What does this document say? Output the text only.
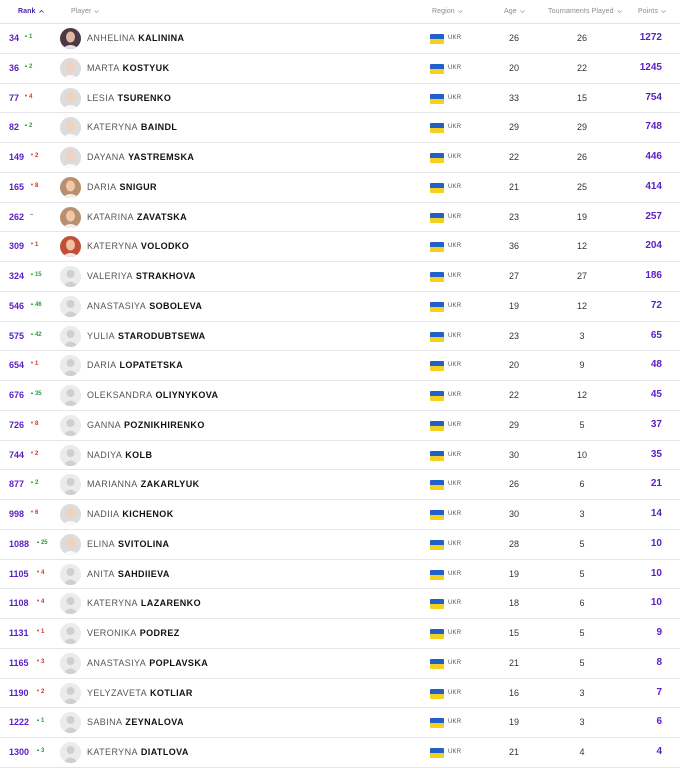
Rank	Player	Region	Age	Tournaments Played	Points
34 ▲1	ANHELINA KALININA	UKR	26	26	1272
36 ▲2	MARTA KOSTYUK	UKR	20	22	1245
77 ▼4	LESIA TSURENKO	UKR	33	15	754
82 ▲2	KATERYNA BAINDL	UKR	29	29	748
149 ▼2	DAYANA YASTREMSKA	UKR	22	26	446
165 ▼8	DARIA SNIGUR	UKR	21	25	414
262 –	KATARINA ZAVATSKA	UKR	23	19	257
309 ▼1	KATERYNA VOLODKO	UKR	36	12	204
324 ▲15	VALERIYA STRAKHOVA	UKR	27	27	186
546 ▲46	ANASTASIYA SOBOLEVA	UKR	19	12	72
575 ▲42	YULIA STARODUBTSEWA	UKR	23	3	65
654 ▼1	DARIA LOPATETSKA	UKR	20	9	48
676 ▲35	OLEKSANDRA OLIYNYKOVA	UKR	22	12	45
726 ▼8	GANNA POZNIKHIRENKO	UKR	29	5	37
744 ▼2	NADIYA KOLB	UKR	30	10	35
877 ▲2	MARIANNA ZAKARLYUK	UKR	26	6	21
998 ▼6	NADIIA KICHENOK	UKR	30	3	14
1088 ▲25	ELINA SVITOLINA	UKR	28	5	10
1105 ▼4	ANITA SAHDIIEVA	UKR	19	5	10
1108 ▼4	KATERYNA LAZARENKO	UKR	18	6	10
1131 ▼1	VERONIKA PODREZ	UKR	15	5	9
1165 ▼3	ANASTASIYA POPLAVSKA	UKR	21	5	8
1190 ▼2	YELYZAVETA KOTLIAR	UKR	16	3	7
1222 ▲1	SABINA ZEYNALOVA	UKR	19	3	6
1300 ▲3	KATERYNA DIATLOVA	UKR	21	4	4
